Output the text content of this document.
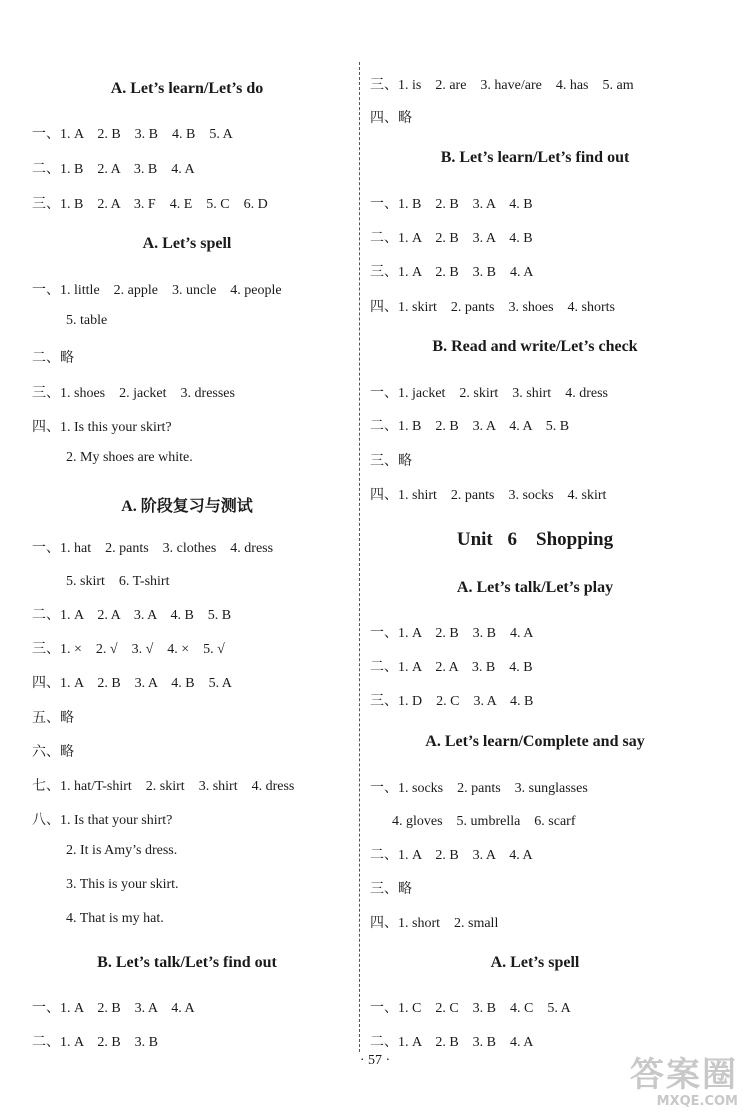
A. Let’s learn/Let’s do
一、1. A　2. B　3. B　4. B　5. A
二、1. B　2. A　3. B　4. A
三、1. B　2. A　3. F　4. E　5. C　6. D
A. Let’s spell
一、1. little　2. apple　3. uncle　4. people
5. table
二、略
三、1. shoes　2. jacket　3. dresses
四、1. Is this your skirt?
2. My shoes are white.
A. 阶段复习与测试
一、1. hat　2. pants　3. clothes　4. dress
5. skirt　6. T-shirt
二、1. A　2. A　3. A　4. B　5. B
三、1. ×　2. √　3. √　4. ×　5. √
四、1. A　2. B　3. A　4. B　5. A
五、略
六、略
七、1. hat/T-shirt　2. skirt　3. shirt　4. dress
八、1. Is that your shirt?
2. It is Amy’s dress.
3. This is your skirt.
4. That is my hat.
B. Let’s talk/Let’s find out
一、1. A　2. B　3. A　4. A
二、1. A　2. B　3. B
三、1. is　2. are　3. have/are　4. has　5. am
四、略
B. Let’s learn/Let’s find out
一、1. B　2. B　3. A　4. B
二、1. A　2. B　3. A　4. B
三、1. A　2. B　3. B　4. A
四、1. skirt　2. pants　3. shoes　4. shorts
B. Read and write/Let’s check
一、1. jacket　2. skirt　3. shirt　4. dress
二、1. B　2. B　3. A　4. A　5. B
三、略
四、1. shirt　2. pants　3. socks　4. skirt
Unit 6　Shopping
A. Let’s talk/Let’s play
一、1. A　2. B　3. B　4. A
二、1. A　2. A　3. B　4. B
三、1. D　2. C　3. A　4. B
A. Let’s learn/Complete and say
一、1. socks　2. pants　3. sunglasses
4. gloves　5. umbrella　6. scarf
二、1. A　2. B　3. A　4. A
三、略
四、1. short　2. small
A. Let’s spell
一、1. C　2. C　3. B　4. C　5. A
二、1. A　2. B　3. B　4. A
· 57 ·	答案圈
MXQE.COM
